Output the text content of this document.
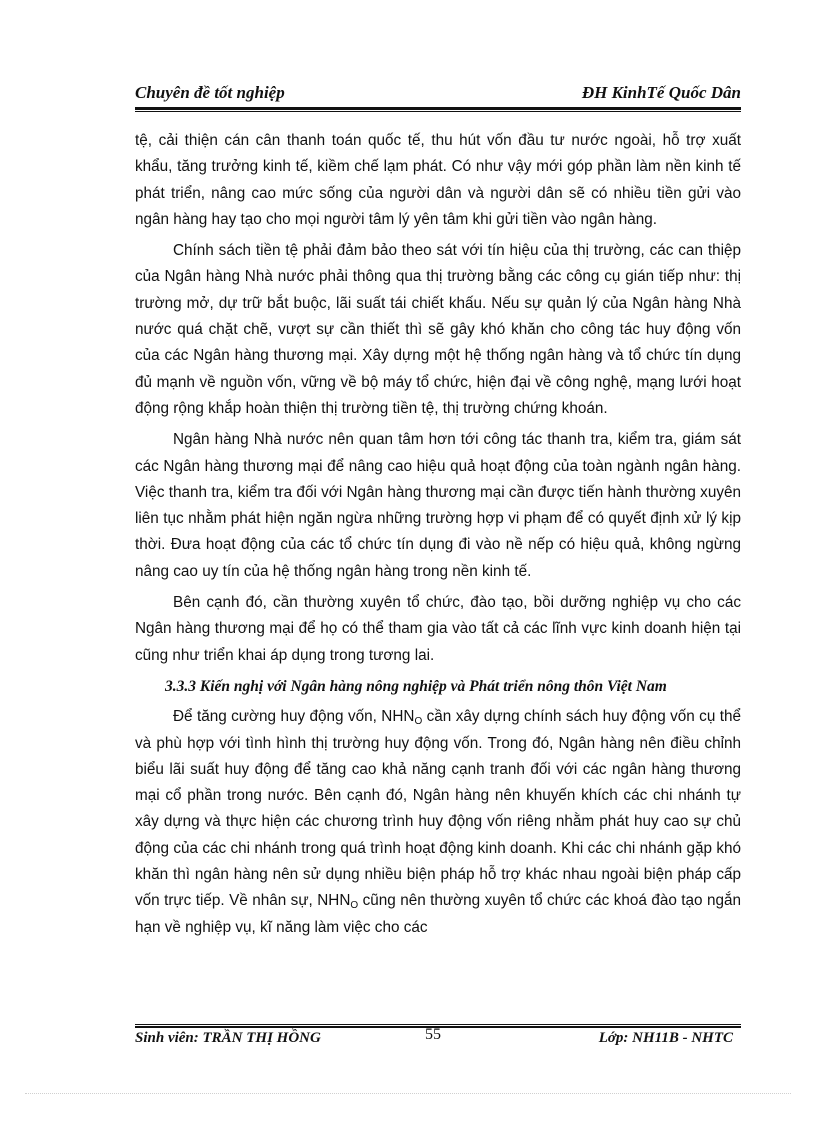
Chuyên đề tốt nghiệp	ĐH KinhTế Quốc Dân

tệ, cải thiện cán cân thanh toán quốc tế, thu hút vốn đầu tư nước ngoài, hỗ trợ xuất khẩu, tăng trưởng kinh tế, kiềm chế lạm phát. Có như vậy mới góp phần làm nền kinh tế phát triển, nâng cao mức sống của người dân và người dân sẽ có nhiều tiền gửi vào ngân hàng hay tạo cho mọi người tâm lý yên tâm khi gửi tiền vào ngân hàng.

Chính sách tiền tệ phải đảm bảo theo sát với tín hiệu của thị trường, các can thiệp của Ngân hàng Nhà nước phải thông qua thị trường bằng các công cụ gián tiếp như: thị trường mở, dự trữ bắt buộc, lãi suất tái chiết khấu. Nếu sự quản lý của Ngân hàng Nhà nước quá chặt chẽ, vượt sự cần thiết thì sẽ gây khó khăn cho công tác huy động vốn của các Ngân hàng thương mại. Xây dựng một hệ thống ngân hàng và tổ chức tín dụng đủ mạnh về nguồn vốn, vững về bộ máy tổ chức, hiện đại về công nghệ, mạng lưới hoạt động rộng khắp hoàn thiện thị trường tiền tệ, thị trường chứng khoán.

Ngân hàng Nhà nước nên quan tâm hơn tới công tác thanh tra, kiểm tra, giám sát các Ngân hàng thương mại để nâng cao hiệu quả hoạt động của toàn ngành ngân hàng. Việc thanh tra, kiểm tra đối với Ngân hàng thương mại cần được tiến hành thường xuyên liên tục nhằm phát hiện ngăn ngừa những trường hợp vi phạm để có quyết định xử lý kịp thời. Đưa hoạt động của các tổ chức tín dụng đi vào nề nếp có hiệu quả, không ngừng nâng cao uy tín của hệ thống ngân hàng trong nền kinh tế.

Bên cạnh đó, cần thường xuyên tổ chức, đào tạo, bồi dưỡng nghiệp vụ cho các Ngân hàng thương mại để họ có thể tham gia vào tất cả các lĩnh vực kinh doanh hiện tại cũng như triển khai áp dụng trong tương lai.

3.3.3 Kiến nghị với Ngân hàng nông nghiệp và Phát triển nông thôn Việt Nam

Để tăng cường huy động vốn, $NHN_O$ cần xây dựng chính sách huy động vốn cụ thể và phù hợp với tình hình thị trường huy động vốn. Trong đó, Ngân hàng nên điều chỉnh biểu lãi suất huy động để tăng cao khả năng cạnh tranh đối với các ngân hàng thương mại cổ phần trong nước. Bên cạnh đó, Ngân hàng nên khuyến khích các chi nhánh tự xây dựng và thực hiện các chương trình huy động vốn riêng nhằm phát huy cao sự chủ động của các chi nhánh trong quá trình hoạt động kinh doanh. Khi các chi nhánh gặp khó khăn thì ngân hàng nên sử dụng nhiều biện pháp hỗ trợ khác nhau ngoài biện pháp cấp vốn trực tiếp. Về nhân sự, $NHN_O$ cũng nên thường xuyên tổ chức các khoá đào tạo ngắn hạn về nghiệp vụ, kĩ năng làm việc cho các

Sinh viên: TRẦN THỊ HỒNG	55	Lớp: NH11B - NHTC
